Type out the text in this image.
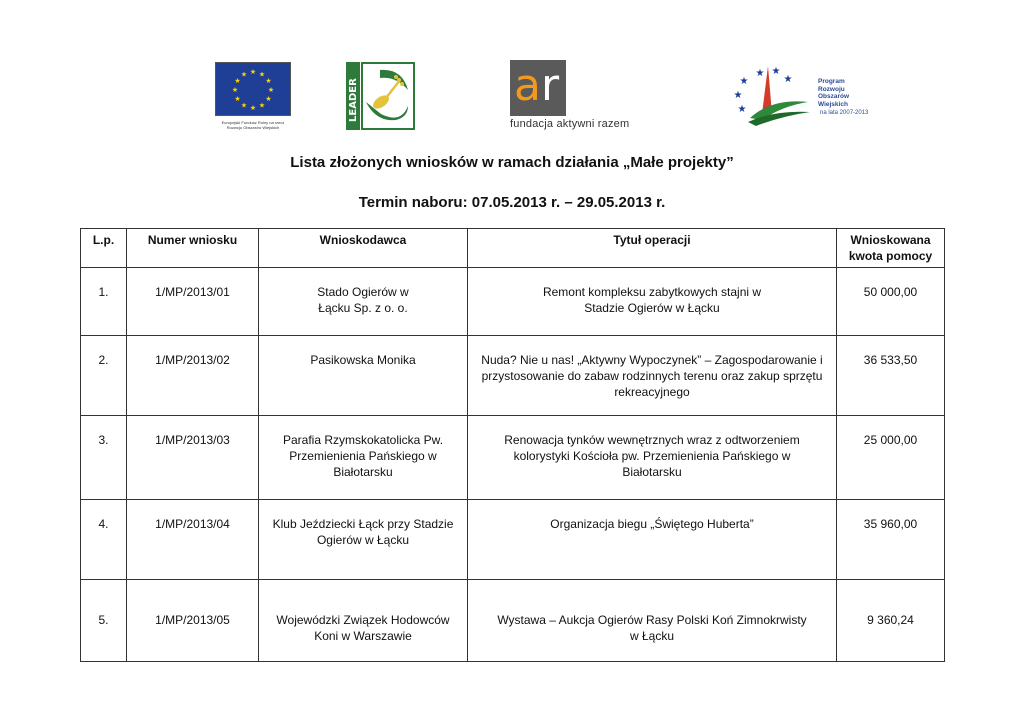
★ ★
★
★
★
★
★
★
★
★
★
★
Europejski Fundusz Rolny na rzecz Rozwoju Obszarów Wiejskich
LEADER	ar
fundacja aktywni razem
★
★
★
★
★
★	Program
Rozwoju
Obszarów
Wiejskich
na lata 2007-2013
Lista złożonych wniosków w ramach działania „Małe projekty”
Termin naboru: 07.05.2013 r. – 29.05.2013 r.
L.p.	Numer wniosku	Wnioskodawca	Tytuł operacji	Wnioskowana kwota pomocy
1.	1/MP/2013/01	Stado Ogierów w Łącku Sp. z o. o.	Remont kompleksu zabytkowych stajni w Stadzie Ogierów w Łącku	50 000,00
2.	1/MP/2013/02	Pasikowska Monika	Nuda? Nie u nas! „Aktywny Wypoczynek” – Zagospodarowanie i przystosowanie do zabaw rodzinnych terenu oraz zakup sprzętu rekreacyjnego	36 533,50
3.	1/MP/2013/03	Parafia Rzymskokatolicka Pw. Przemienienia Pańskiego w Białotarsku	Renowacja tynków wewnętrznych wraz z odtworzeniem kolorystyki Kościoła pw. Przemienienia Pańskiego w Białotarsku	25 000,00
4.	1/MP/2013/04	Klub Jeździecki Łąck przy Stadzie Ogierów w Łącku	Organizacja biegu „Świętego Huberta”	35 960,00
5.	1/MP/2013/05	Wojewódzki Związek Hodowców Koni w Warszawie	Wystawa – Aukcja Ogierów Rasy Polski Koń Zimnokrwisty w Łącku	9 360,24
